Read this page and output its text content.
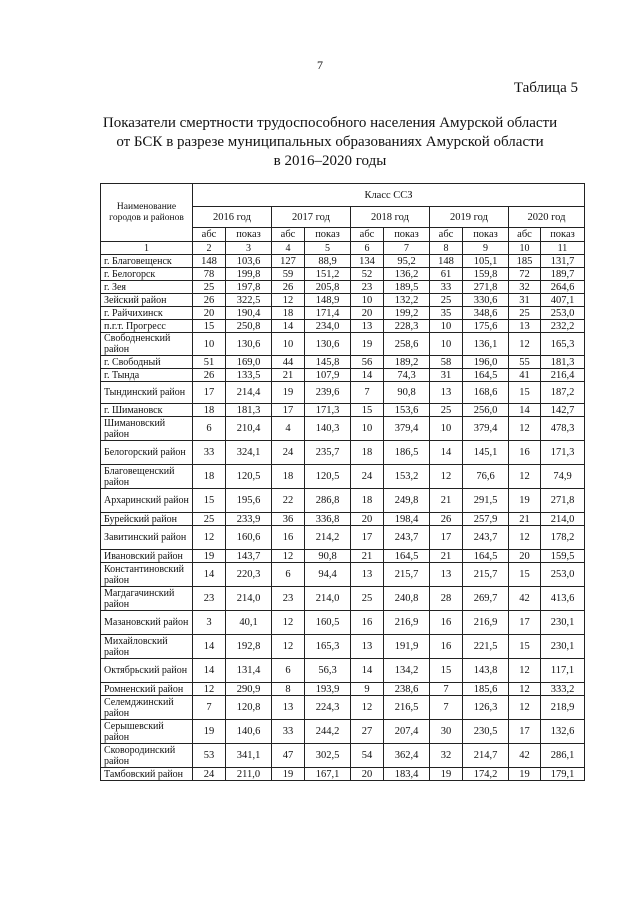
7
Таблица 5
Показатели смертности трудоспособного населения Амурской области
от БСК в разрезе муниципальных образованиях Амурской области
в 2016–2020 годы
Наименование городов и районов	Класс ССЗ									
	2016 год		2017 год		2018 год		2019 год		2020 год	
	абс	показ	абс	показ	абс	показ	абс	показ	абс	показ
1	2	3	4	5	6	7	8	9	10	11
г. Благовещенск	148	103,6	127	88,9	134	95,2	148	105,1	185	131,7
г. Белогорск	78	199,8	59	151,2	52	136,2	61	159,8	72	189,7
г. Зея	25	197,8	26	205,8	23	189,5	33	271,8	32	264,6
Зейский район	26	322,5	12	148,9	10	132,2	25	330,6	31	407,1
г. Райчихинск	20	190,4	18	171,4	20	199,2	35	348,6	25	253,0
п.г.т. Прогресс	15	250,8	14	234,0	13	228,3	10	175,6	13	232,2
Свободненский район	10	130,6	10	130,6	19	258,6	10	136,1	12	165,3
г. Свободный	51	169,0	44	145,8	56	189,2	58	196,0	55	181,3
г. Тында	26	133,5	21	107,9	14	74,3	31	164,5	41	216,4
Тындинский район	17	214,4	19	239,6	7	90,8	13	168,6	15	187,2
г. Шимановск	18	181,3	17	171,3	15	153,6	25	256,0	14	142,7
Шимановский район	6	210,4	4	140,3	10	379,4	10	379,4	12	478,3
Белогорский район	33	324,1	24	235,7	18	186,5	14	145,1	16	171,3
Благовещенский район	18	120,5	18	120,5	24	153,2	12	76,6	12	74,9
Архаринский район	15	195,6	22	286,8	18	249,8	21	291,5	19	271,8
Бурейский район	25	233,9	36	336,8	20	198,4	26	257,9	21	214,0
Завитинский район	12	160,6	16	214,2	17	243,7	17	243,7	12	178,2
Ивановский район	19	143,7	12	90,8	21	164,5	21	164,5	20	159,5
Константиновский район	14	220,3	6	94,4	13	215,7	13	215,7	15	253,0
Магдагачинский район	23	214,0	23	214,0	25	240,8	28	269,7	42	413,6
Мазановский район	3	40,1	12	160,5	16	216,9	16	216,9	17	230,1
Михайловский район	14	192,8	12	165,3	13	191,9	16	221,5	15	230,1
Октябрьский район	14	131,4	6	56,3	14	134,2	15	143,8	12	117,1
Ромненский район	12	290,9	8	193,9	9	238,6	7	185,6	12	333,2
Селемджинский район	7	120,8	13	224,3	12	216,5	7	126,3	12	218,9
Серышевский район	19	140,6	33	244,2	27	207,4	30	230,5	17	132,6
Сковородинский район	53	341,1	47	302,5	54	362,4	32	214,7	42	286,1
Тамбовский район	24	211,0	19	167,1	20	183,4	19	174,2	19	179,1
